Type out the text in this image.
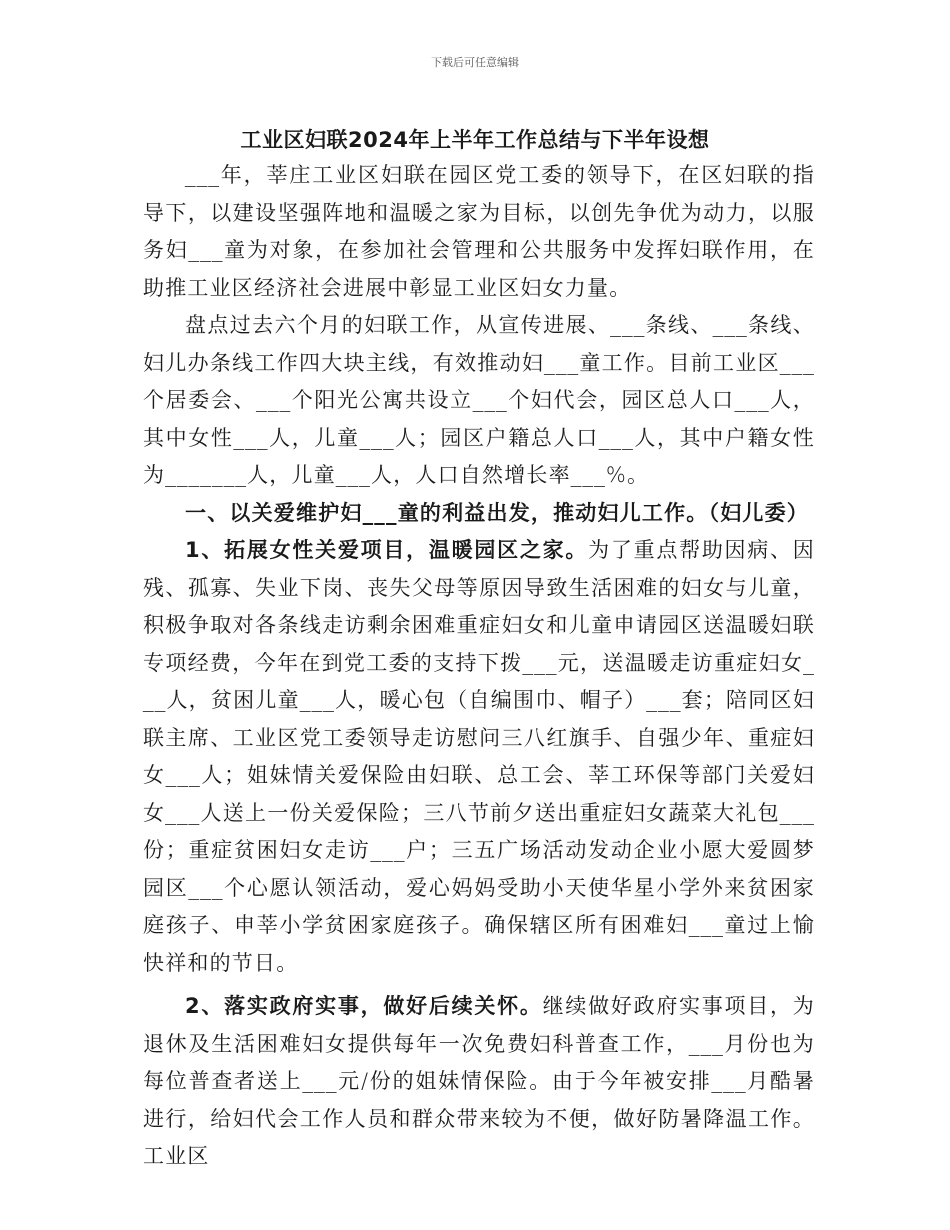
下载后可任意编辑
工业区妇联2024年上半年工作总结与下半年设想

___年，莘庄工业区妇联在园区党工委的领导下，在区妇联的指导下，以建设坚强阵地和温暖之家为目标，以创先争优为动力，以服务妇___童为对象，在参加社会管理和公共服务中发挥妇联作用，在助推工业区经济社会进展中彰显工业区妇女力量。

盘点过去六个月的妇联工作，从宣传进展、___条线、___条线、妇儿办条线工作四大块主线，有效推动妇___童工作。目前工业区___个居委会、___个阳光公寓共设立___个妇代会，园区总人口___人，其中女性___人，儿童___人；园区户籍总人口___人，其中户籍女性为_______人，儿童___人，人口自然增长率___%。

一、以关爱维护妇___童的利益出发，推动妇儿工作。（妇儿委）

1、拓展女性关爱项目，温暖园区之家。为了重点帮助因病、因残、孤寡、失业下岗、丧失父母等原因导致生活困难的妇女与儿童，积极争取对各条线走访剩余困难重症妇女和儿童申请园区送温暖妇联专项经费，今年在到党工委的支持下拨___元，送温暖走访重症妇女___人，贫困儿童___人，暖心包（自编围巾、帽子）___套；陪同区妇联主席、工业区党工委领导走访慰问三八红旗手、自强少年、重症妇女___人；姐妹情关爱保险由妇联、总工会、莘工环保等部门关爱妇女___人送上一份关爱保险；三八节前夕送出重症妇女蔬菜大礼包___份；重症贫困妇女走访___户；三五广场活动发动企业小愿大爱圆梦园区___个心愿认领活动，爱心妈妈受助小天使华星小学外来贫困家庭孩子、申莘小学贫困家庭孩子。确保辖区所有困难妇___童过上愉快祥和的节日。

2、落实政府实事，做好后续关怀。继续做好政府实事项目，为退休及生活困难妇女提供每年一次免费妇科普查工作，___月份也为每位普查者送上___元/份的姐妹情保险。由于今年被安排___月酷暑进行，给妇代会工作人员和群众带来较为不便，做好防暑降温工作。工业区
